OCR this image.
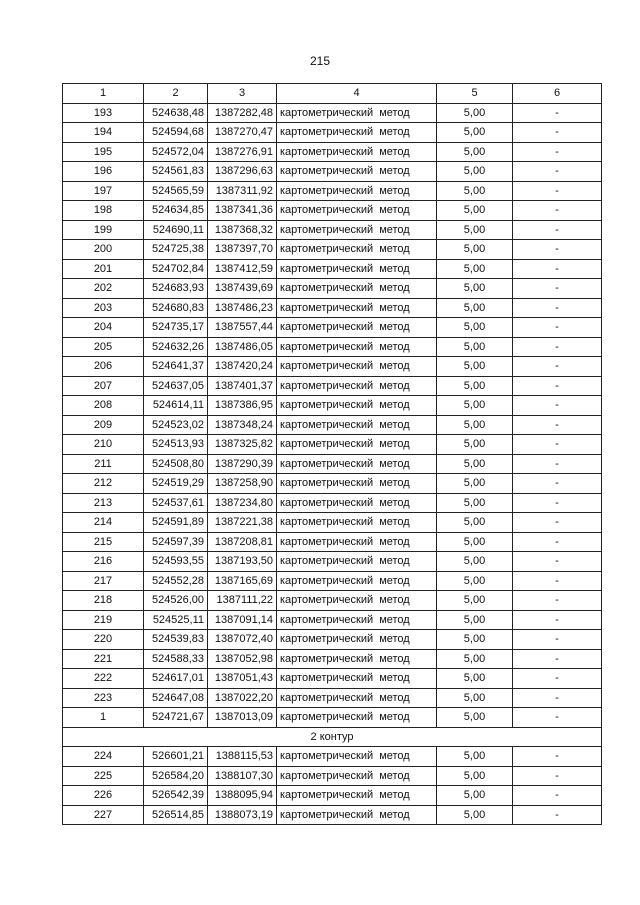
215
1	2	3	4	5	6
193	524638,48	1387282,48	картометрический метод	5,00	-
194	524594,68	1387270,47	картометрический метод	5,00	-
195	524572,04	1387276,91	картометрический метод	5,00	-
196	524561,83	1387296,63	картометрический метод	5,00	-
197	524565,59	1387311,92	картометрический метод	5,00	-
198	524634,85	1387341,36	картометрический метод	5,00	-
199	524690,11	1387368,32	картометрический метод	5,00	-
200	524725,38	1387397,70	картометрический метод	5,00	-
201	524702,84	1387412,59	картометрический метод	5,00	-
202	524683,93	1387439,69	картометрический метод	5,00	-
203	524680,83	1387486,23	картометрический метод	5,00	-
204	524735,17	1387557,44	картометрический метод	5,00	-
205	524632,26	1387486,05	картометрический метод	5,00	-
206	524641,37	1387420,24	картометрический метод	5,00	-
207	524637,05	1387401,37	картометрический метод	5,00	-
208	524614,11	1387386,95	картометрический метод	5,00	-
209	524523,02	1387348,24	картометрический метод	5,00	-
210	524513,93	1387325,82	картометрический метод	5,00	-
211	524508,80	1387290,39	картометрический метод	5,00	-
212	524519,29	1387258,90	картометрический метод	5,00	-
213	524537,61	1387234,80	картометрический метод	5,00	-
214	524591,89	1387221,38	картометрический метод	5,00	-
215	524597,39	1387208,81	картометрический метод	5,00	-
216	524593,55	1387193,50	картометрический метод	5,00	-
217	524552,28	1387165,69	картометрический метод	5,00	-
218	524526,00	1387111,22	картометрический метод	5,00	-
219	524525,11	1387091,14	картометрический метод	5,00	-
220	524539,83	1387072,40	картометрический метод	5,00	-
221	524588,33	1387052,98	картометрический метод	5,00	-
222	524617,01	1387051,43	картометрический метод	5,00	-
223	524647,08	1387022,20	картометрический метод	5,00	-
1	524721,67	1387013,09	картометрический метод	5,00	-
2 контур					
224	526601,21	1388115,53	картометрический метод	5,00	-
225	526584,20	1388107,30	картометрический метод	5,00	-
226	526542,39	1388095,94	картометрический метод	5,00	-
227	526514,85	1388073,19	картометрический метод	5,00	-
